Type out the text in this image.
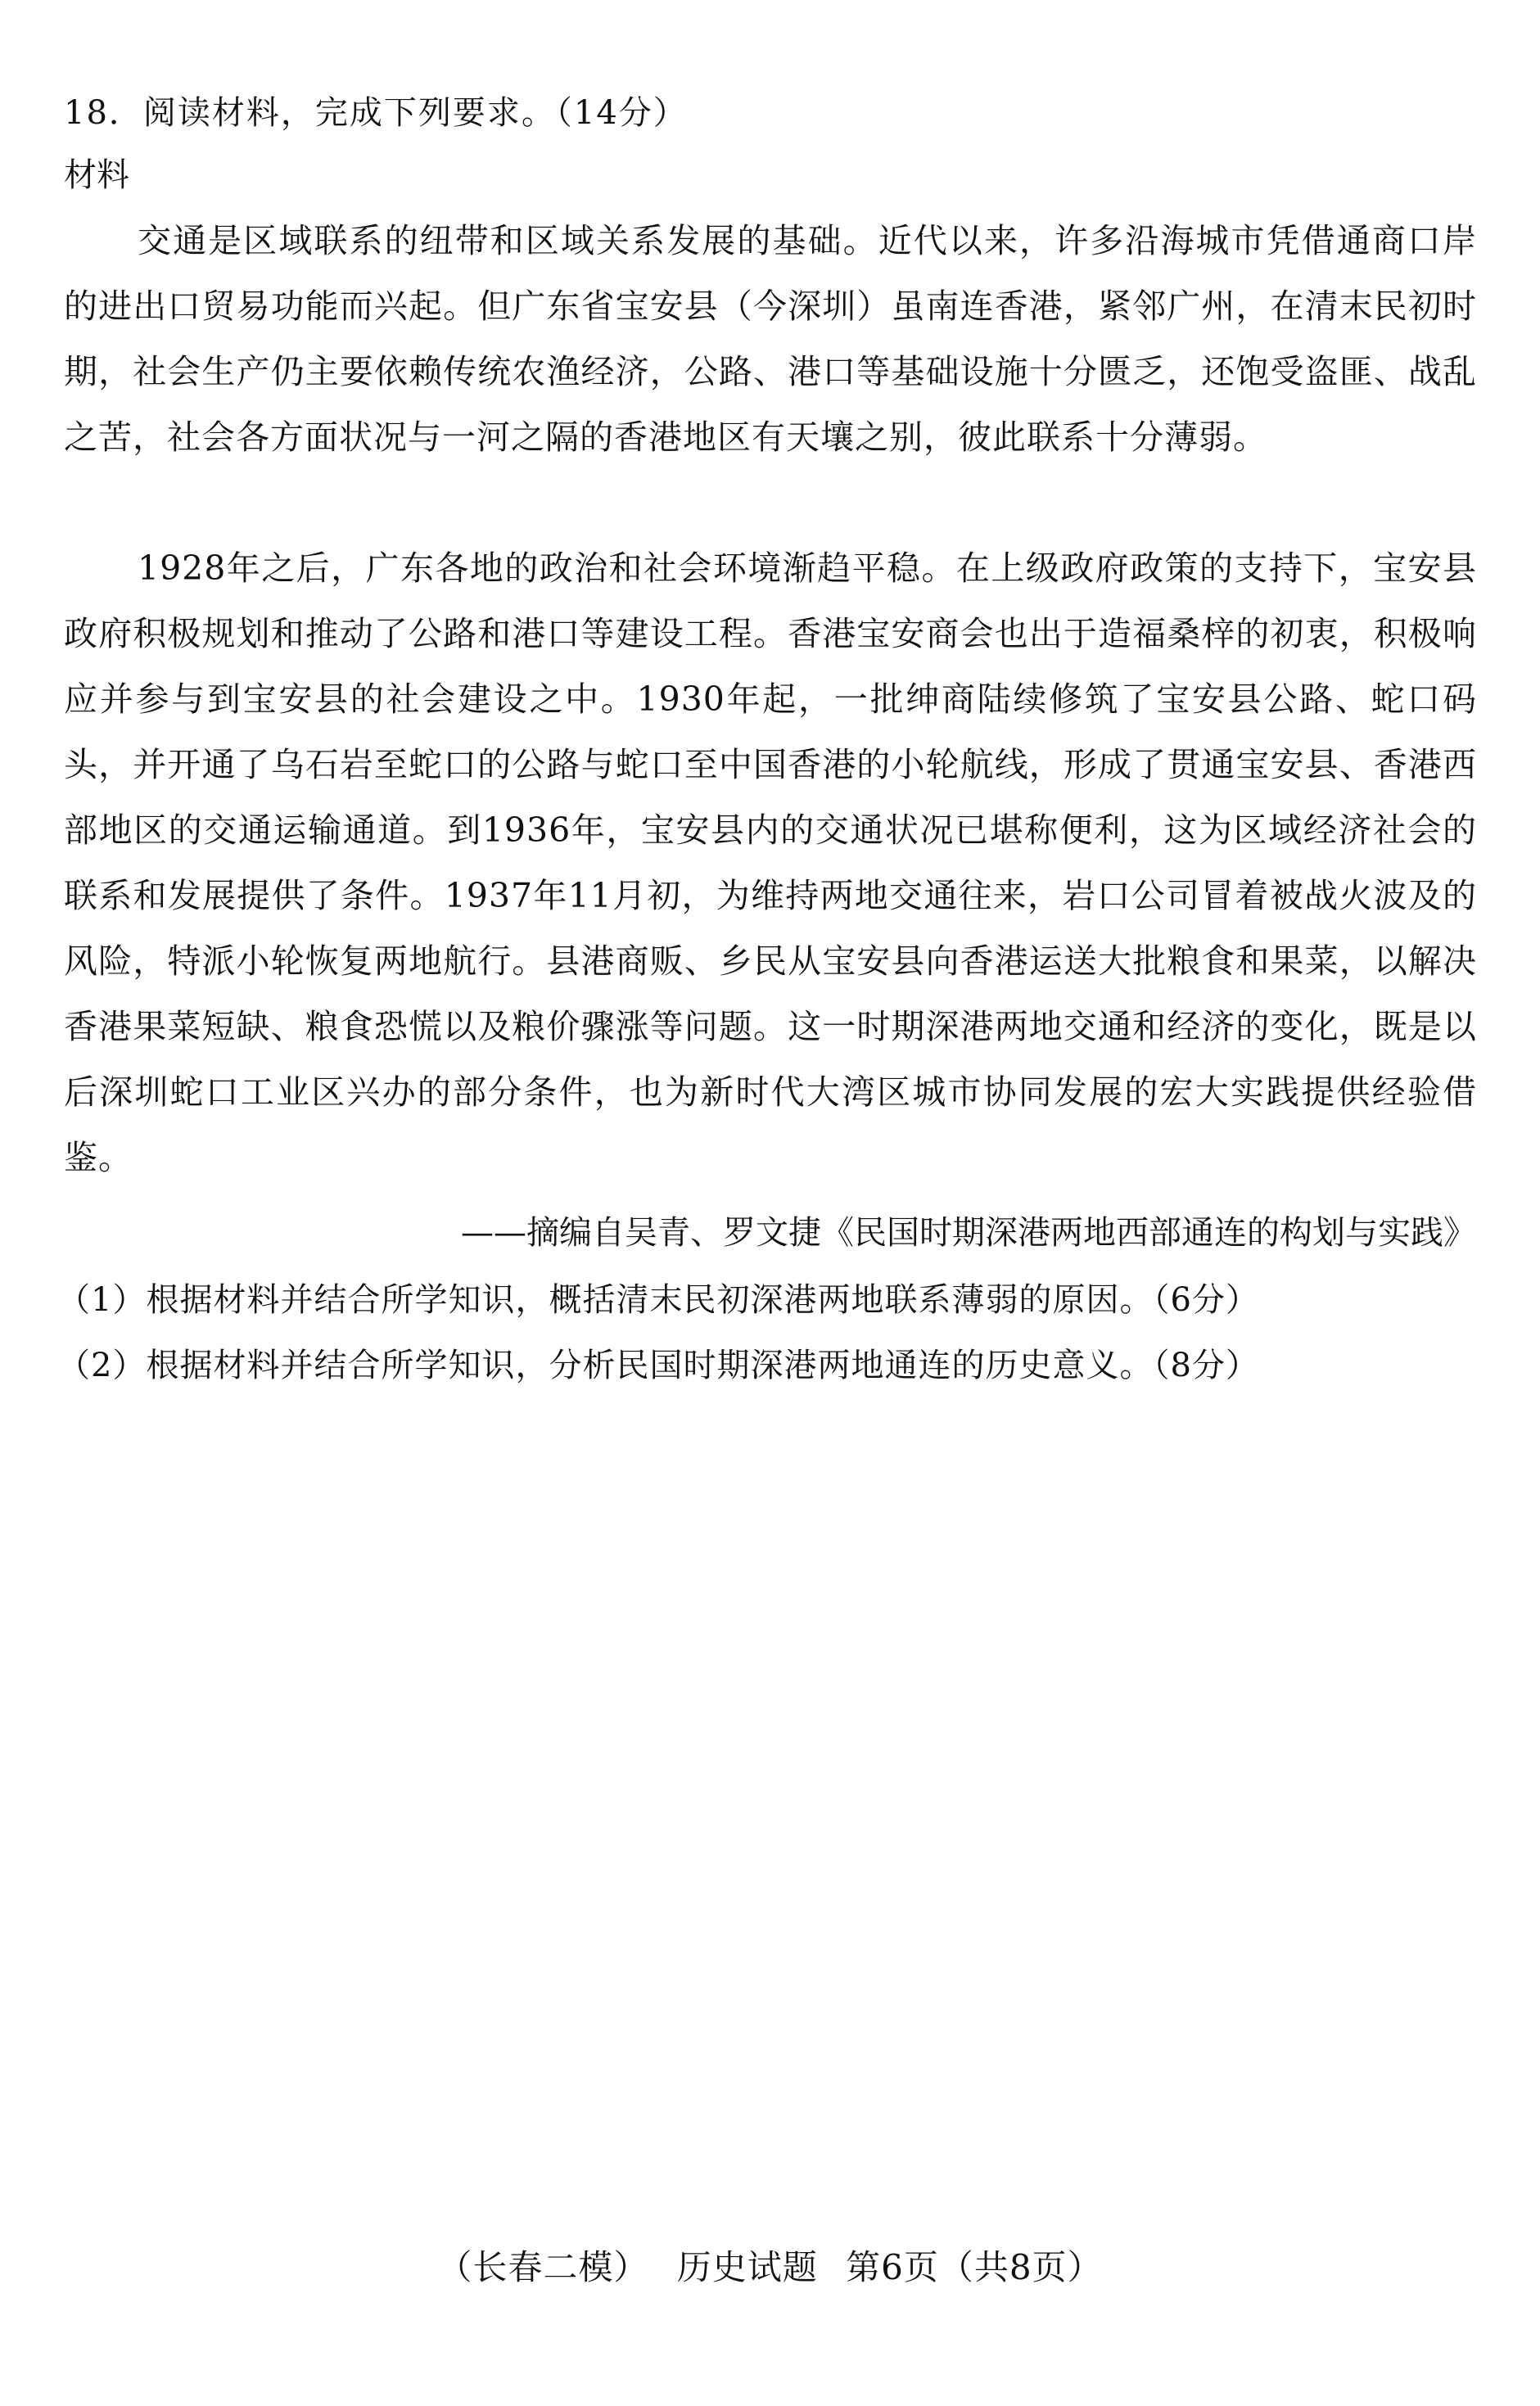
18．阅读材料，完成下列要求。（14分）
材料

交通是区域联系的纽带和区域关系发展的基础。近代以来，许多沿海城市凭借通商口岸的进出口贸易功能而兴起。但广东省宝安县（今深圳）虽南连香港，紧邻广州，在清末民初时期，社会生产仍主要依赖传统农渔经济，公路、港口等基础设施十分匮乏，还饱受盗匪、战乱之苦，社会各方面状况与一河之隔的香港地区有天壤之别，彼此联系十分薄弱。

1928年之后，广东各地的政治和社会环境渐趋平稳。在上级政府政策的支持下，宝安县政府积极规划和推动了公路和港口等建设工程。香港宝安商会也出于造福桑梓的初衷，积极响应并参与到宝安县的社会建设之中。1930年起，一批绅商陆续修筑了宝安县公路、蛇口码头，并开通了乌石岩至蛇口的公路与蛇口至中国香港的小轮航线，形成了贯通宝安县、香港西部地区的交通运输通道。到1936年，宝安县内的交通状况已堪称便利，这为区域经济社会的联系和发展提供了条件。1937年11月初，为维持两地交通往来，岩口公司冒着被战火波及的风险，特派小轮恢复两地航行。县港商贩、乡民从宝安县向香港运送大批粮食和果菜，以解决香港果菜短缺、粮食恐慌以及粮价骤涨等问题。这一时期深港两地交通和经济的变化，既是以后深圳蛇口工业区兴办的部分条件，也为新时代大湾区城市协同发展的宏大实践提供经验借鉴。

——摘编自吴青、罗文捷《民国时期深港两地西部通连的构划与实践》
（1）根据材料并结合所学知识，概括清末民初深港两地联系薄弱的原因。（6分）
（2）根据材料并结合所学知识，分析民国时期深港两地通连的历史意义。（8分）
（长春二模） 历史试题 第6页（共8页）
